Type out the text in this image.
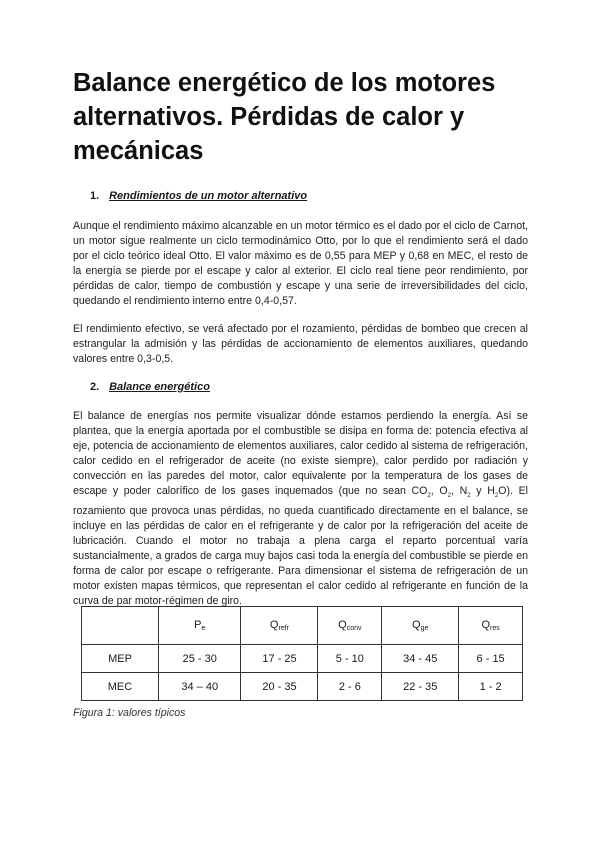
Balance energético de los motores alternativos. Pérdidas de calor y mecánicas
1. Rendimientos de un motor alternativo

Aunque el rendimiento máximo alcanzable en un motor térmico es el dado por el ciclo de Carnot, un motor sigue realmente un ciclo termodinámico Otto, por lo que el rendimiento será el dado por el ciclo teórico ideal Otto. El valor máximo es de 0,55 para MEP y 0,68 en MEC, el resto de la energía se pierde por el escape y calor al exterior. El ciclo real tiene peor rendimiento, por pérdidas de calor, tiempo de combustión y escape y una serie de irreversibilidades del ciclo, quedando el rendimiento interno entre 0,4-0,57.

El rendimiento efectivo, se verá afectado por el rozamiento, pérdidas de bombeo que crecen al estrangular la admisión y las pérdidas de accionamiento de elementos auxiliares, quedando valores entre 0,3-0,5.

2. Balance energético

El balance de energías nos permite visualizar dónde estamos perdiendo la energía. Así se plantea, que la energía aportada por el combustible se disipa en forma de: potencia efectiva al eje, potencia de accionamiento de elementos auxiliares, calor cedido al sistema de refrigeración, calor cedido en el refrigerador de aceite (no existe siempre), calor perdido por radiación y convección en las paredes del motor, calor equivalente por la temperatura de los gases de escape y poder calorífico de los gases inquemados (que no sean $CO_2$, $O_2$, $N_2$ y $H_2O$). El rozamiento que provoca unas pérdidas, no queda cuantificado directamente en el balance, se incluye en las pérdidas de calor en el refrigerante y de calor por la refrigeración del aceite de lubricación. Cuando el motor no trabaja a plena carga el reparto porcentual varía sustancialmente, a grados de carga muy bajos casi toda la energía del combustible se pierde en forma de calor por escape o refrigerante. Para dimensionar el sistema de refrigeración de un motor existen mapas térmicos, que representan el calor cedido al refrigerante en función de la curva de par motor-régimen de giro.

	Pe	Qrefr	Qconv	Qge	Qres
MEP	25 - 30	17 - 25	5 - 10	34 - 45	6 - 15
MEC	34 – 40	20 - 35	2 - 6	22 - 35	1 - 2
Figura 1: valores típicos
